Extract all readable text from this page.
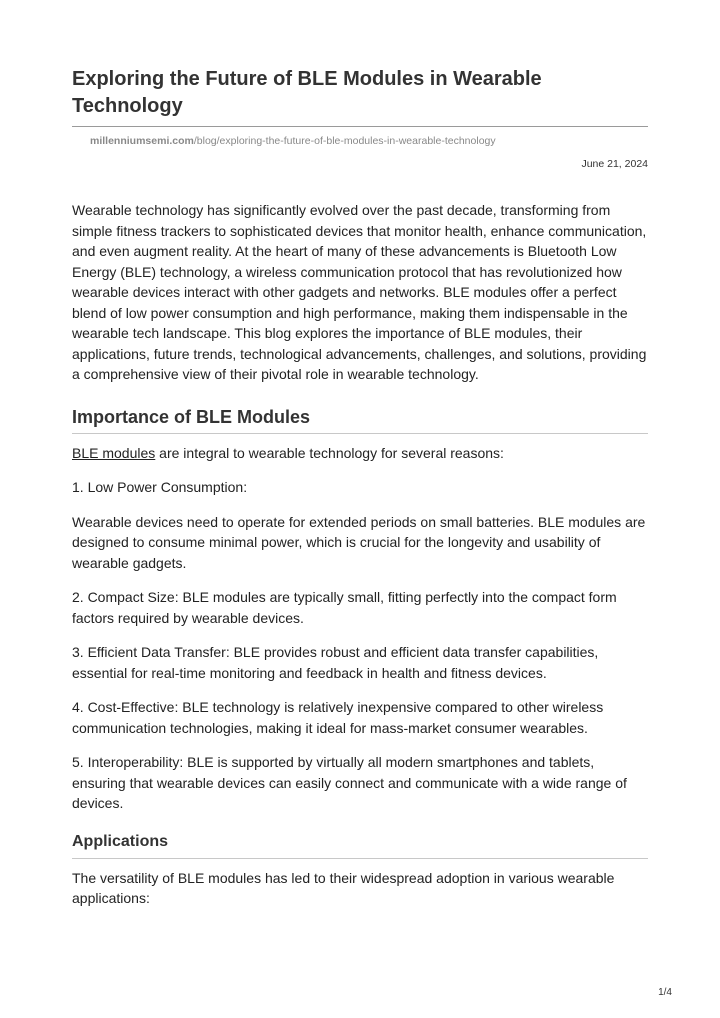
Exploring the Future of BLE Modules in Wearable Technology
millenniumsemi.com/blog/exploring-the-future-of-ble-modules-in-wearable-technology
June 21, 2024

Wearable technology has significantly evolved over the past decade, transforming from simple fitness trackers to sophisticated devices that monitor health, enhance communication, and even augment reality. At the heart of many of these advancements is Bluetooth Low Energy (BLE) technology, a wireless communication protocol that has revolutionized how wearable devices interact with other gadgets and networks. BLE modules offer a perfect blend of low power consumption and high performance, making them indispensable in the wearable tech landscape. This blog explores the importance of BLE modules, their applications, future trends, technological advancements, challenges, and solutions, providing a comprehensive view of their pivotal role in wearable technology.

Importance of BLE Modules

BLE modules are integral to wearable technology for several reasons:

1. Low Power Consumption:

Wearable devices need to operate for extended periods on small batteries. BLE modules are designed to consume minimal power, which is crucial for the longevity and usability of wearable gadgets.

2. Compact Size: BLE modules are typically small, fitting perfectly into the compact form factors required by wearable devices.

3. Efficient Data Transfer: BLE provides robust and efficient data transfer capabilities, essential for real-time monitoring and feedback in health and fitness devices.

4. Cost-Effective: BLE technology is relatively inexpensive compared to other wireless communication technologies, making it ideal for mass-market consumer wearables.

5. Interoperability: BLE is supported by virtually all modern smartphones and tablets, ensuring that wearable devices can easily connect and communicate with a wide range of devices.

Applications

The versatility of BLE modules has led to their widespread adoption in various wearable applications:

1/4
